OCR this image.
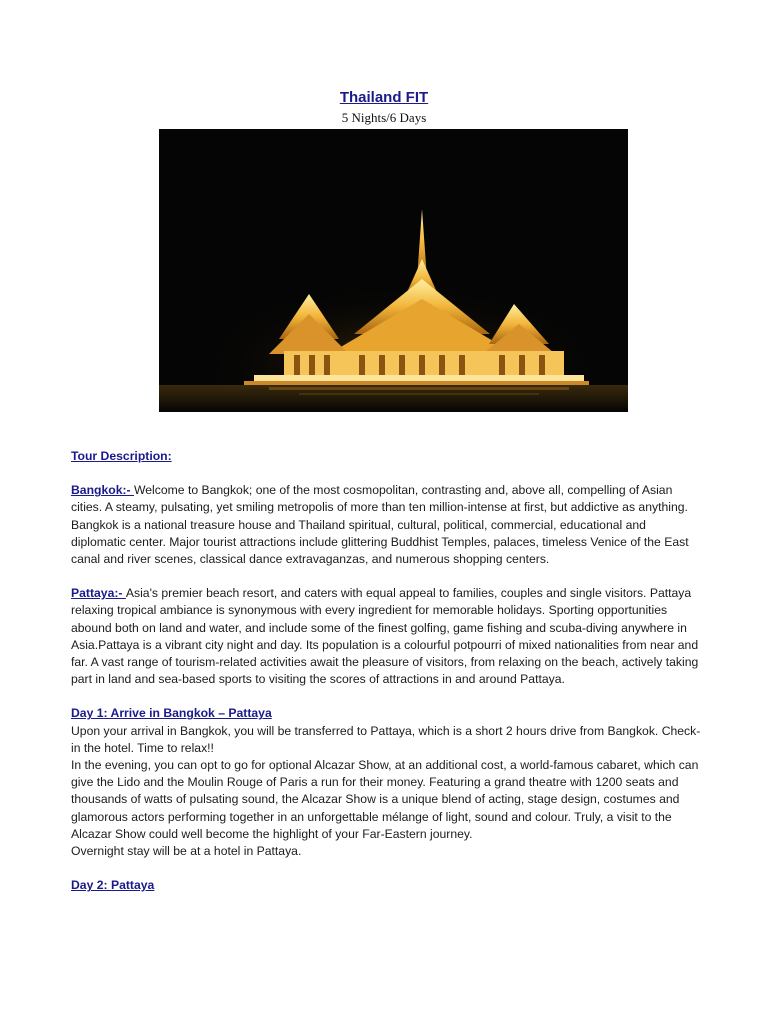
Thailand FIT
5 Nights/6 Days
Tour Description:

Bangkok:- Welcome to Bangkok; one of the most cosmopolitan, contrasting and, above all, compelling of Asian cities. A steamy, pulsating, yet smiling metropolis of more than ten million-intense at first, but addictive as anything. Bangkok is a national treasure house and Thailand spiritual, cultural, political, commercial, educational and diplomatic center. Major tourist attractions include glittering Buddhist Temples, palaces, timeless Venice of the East canal and river scenes, classical dance extravaganzas, and numerous shopping centers.

Pattaya:- Asia's premier beach resort, and caters with equal appeal to families, couples and single visitors. Pattaya relaxing tropical ambiance is synonymous with every ingredient for memorable holidays. Sporting opportunities abound both on land and water, and include some of the finest golfing, game fishing and scuba-diving anywhere in Asia.Pattaya is a vibrant city night and day. Its population is a colourful potpourri of mixed nationalities from near and far. A vast range of tourism-related activities await the pleasure of visitors, from relaxing on the beach, actively taking part in land and sea-based sports to visiting the scores of attractions in and around Pattaya.

Day 1: Arrive in Bangkok – Pattaya

Upon your arrival in Bangkok, you will be transferred to Pattaya, which is a short 2 hours drive from Bangkok. Check-in the hotel. Time to relax!!

In the evening, you can opt to go for optional Alcazar Show, at an additional cost, a world-famous cabaret, which can give the Lido and the Moulin Rouge of Paris a run for their money. Featuring a grand theatre with 1200 seats and thousands of watts of pulsating sound, the Alcazar Show is a unique blend of acting, stage design, costumes and glamorous actors performing together in an unforgettable mélange of light, sound and colour. Truly, a visit to the Alcazar Show could well become the highlight of your Far-Eastern journey.

Overnight stay will be at a hotel in Pattaya.

Day 2: Pattaya
